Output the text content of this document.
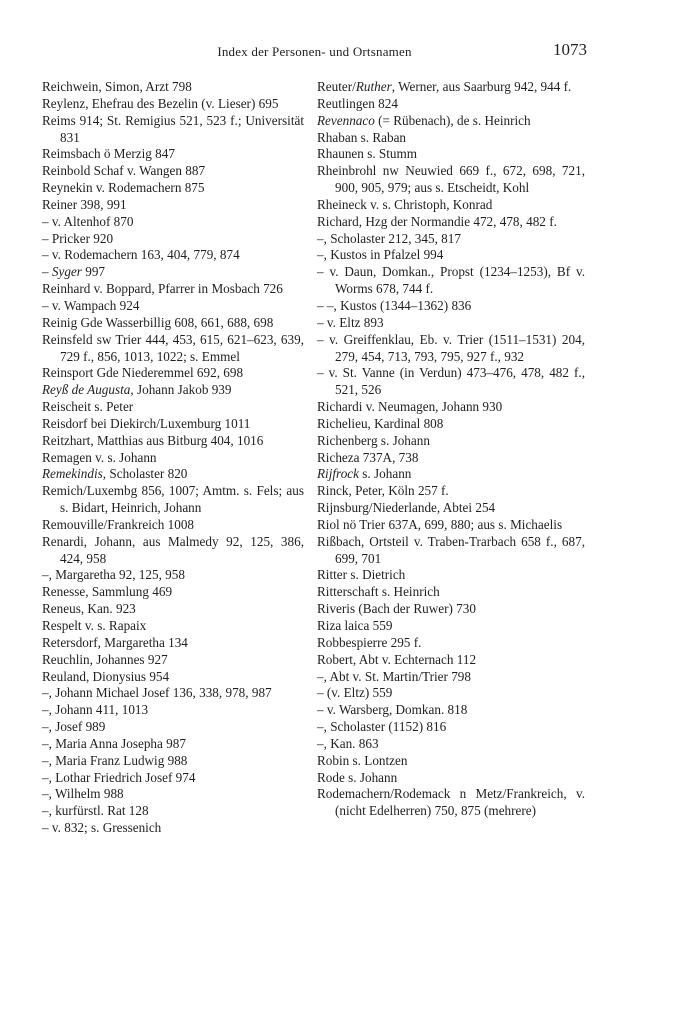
Index der Personen- und Ortsnamen	1073
Reichwein, Simon, Arzt 798
Reylenz, Ehefrau des Bezelin (v. Lieser) 695
Reims 914; St. Remigius 521, 523 f.; Universität 831
Reimsbach ö Merzig 847
Reinbold Schaf v. Wangen 887
Reynekin v. Rodemachern 875
Reiner 398, 991
– v. Altenhof 870
– Pricker 920
– v. Rodemachern 163, 404, 779, 874
– Syger 997
Reinhard v. Boppard, Pfarrer in Mosbach 726
– v. Wampach 924
Reinig Gde Wasserbillig 608, 661, 688, 698
Reinsfeld sw Trier 444, 453, 615, 621–623, 639, 729 f., 856, 1013, 1022; s. Emmel
Reinsport Gde Niederemmel 692, 698
Reyß de Augusta, Johann Jakob 939
Reischeit s. Peter
Reisdorf bei Diekirch/Luxemburg 1011
Reitzhart, Matthias aus Bitburg 404, 1016
Remagen v. s. Johann
Remekindis, Scholaster 820
Remich/Luxembg 856, 1007; Amtm. s. Fels; aus s. Bidart, Heinrich, Johann
Remouville/Frankreich 1008
Renardi, Johann, aus Malmedy 92, 125, 386, 424, 958
–, Margaretha 92, 125, 958
Renesse, Sammlung 469
Reneus, Kan. 923
Respelt v. s. Rapaix
Retersdorf, Margaretha 134
Reuchlin, Johannes 927
Reuland, Dionysius 954
–, Johann Michael Josef 136, 338, 978, 987
–, Johann 411, 1013
–, Josef 989
–, Maria Anna Josepha 987
–, Maria Franz Ludwig 988
–, Lothar Friedrich Josef 974
–, Wilhelm 988
–, kurfürstl. Rat 128
– v. 832; s. Gressenich
Reuter/Ruther, Werner, aus Saarburg 942, 944 f.
Reutlingen 824
Revennaco (= Rübenach), de s. Heinrich
Rhaban s. Raban
Rhaunen s. Stumm
Rheinbrohl nw Neuwied 669 f., 672, 698, 721, 900, 905, 979; aus s. Etscheidt, Kohl
Rheineck v. s. Christoph, Konrad
Richard, Hzg der Normandie 472, 478, 482 f.
–, Scholaster 212, 345, 817
–, Kustos in Pfalzel 994
– v. Daun, Domkan., Propst (1234–1253), Bf v. Worms 678, 744 f.
– –, Kustos (1344–1362) 836
– v. Eltz 893
– v. Greiffenklau, Eb. v. Trier (1511–1531) 204, 279, 454, 713, 793, 795, 927 f., 932
– v. St. Vanne (in Verdun) 473–476, 478, 482 f., 521, 526
Richardi v. Neumagen, Johann 930
Richelieu, Kardinal 808
Richenberg s. Johann
Richeza 737A, 738
Rijfrock s. Johann
Rinck, Peter, Köln 257 f.
Rijnsburg/Niederlande, Abtei 254
Riol nö Trier 637A, 699, 880; aus s. Michaelis
Rißbach, Ortsteil v. Traben-Trarbach 658 f., 687, 699, 701
Ritter s. Dietrich
Ritterschaft s. Heinrich
Riveris (Bach der Ruwer) 730
Riza laica 559
Robbespierre 295 f.
Robert, Abt v. Echternach 112
–, Abt v. St. Martin/Trier 798
– (v. Eltz) 559
– v. Warsberg, Domkan. 818
–, Scholaster (1152) 816
–, Kan. 863
Robin s. Lontzen
Rode s. Johann
Rodemachern/Rodemack n Metz/Frankreich, v. (nicht Edelherren) 750, 875 (mehrere)
